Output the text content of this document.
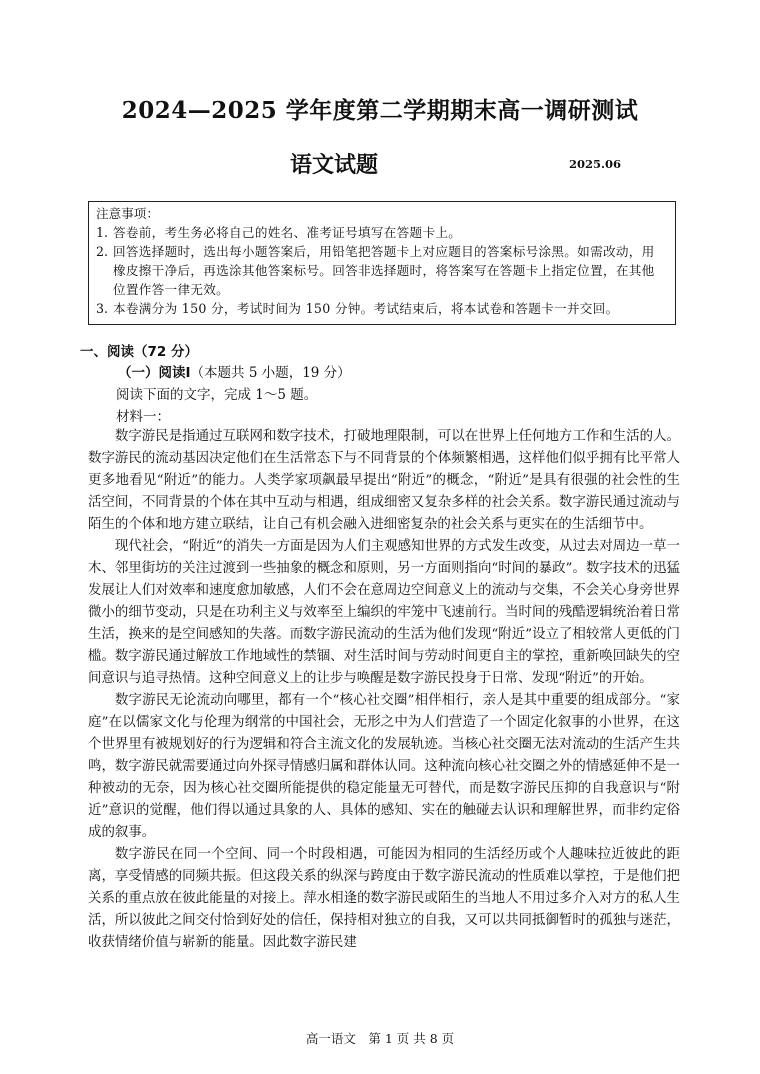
2024—2025 学年度第二学期期末高一调研测试
语文试题	2025.06
注意事项：
1. 答卷前，考生务必将自己的姓名、准考证号填写在答题卡上。
2. 回答选择题时，选出每小题答案后，用铅笔把答题卡上对应题目的答案标号涂黑。如需改动，用橡皮擦干净后，再选涂其他答案标号。回答非选择题时，将答案写在答题卡上指定位置，在其他位置作答一律无效。
3. 本卷满分为 150 分，考试时间为 150 分钟。考试结束后，将本试卷和答题卡一并交回。
一、阅读（72 分）
（一）阅读Ⅰ（本题共 5 小题，19 分）
阅读下面的文字，完成 1～5 题。
材料一：

数字游民是指通过互联网和数字技术，打破地理限制，可以在世界上任何地方工作和生活的人。数字游民的流动基因决定他们在生活常态下与不同背景的个体频繁相遇，这样他们似乎拥有比平常人更多地看见“附近”的能力。人类学家项飙最早提出“附近”的概念，“附近”是具有很强的社会性的生活空间，不同背景的个体在其中互动与相遇，组成细密又复杂多样的社会关系。数字游民通过流动与陌生的个体和地方建立联结，让自己有机会融入进细密复杂的社会关系与更实在的生活细节中。

现代社会，“附近”的消失一方面是因为人们主观感知世界的方式发生改变，从过去对周边一草一木、邻里街坊的关注过渡到一些抽象的概念和原则，另一方面则指向“时间的暴政”。数字技术的迅猛发展让人们对效率和速度愈加敏感，人们不会在意周边空间意义上的流动与交集，不会关心身旁世界微小的细节变动，只是在功利主义与效率至上编织的牢笼中飞速前行。当时间的残酷逻辑统治着日常生活，换来的是空间感知的失落。而数字游民流动的生活为他们发现“附近”设立了相较常人更低的门槛。数字游民通过解放工作地域性的禁锢、对生活时间与劳动时间更自主的掌控，重新唤回缺失的空间意识与追寻热情。这种空间意义上的让步与唤醒是数字游民投身于日常、发现“附近”的开始。

数字游民无论流动向哪里，都有一个“核心社交圈”相伴相行，亲人是其中重要的组成部分。“家庭”在以儒家文化与伦理为纲常的中国社会，无形之中为人们营造了一个固定化叙事的小世界，在这个世界里有被规划好的行为逻辑和符合主流文化的发展轨迹。当核心社交圈无法对流动的生活产生共鸣，数字游民就需要通过向外探寻情感归属和群体认同。这种流向核心社交圈之外的情感延伸不是一种被动的无奈，因为核心社交圈所能提供的稳定能量无可替代，而是数字游民压抑的自我意识与“附近”意识的觉醒，他们得以通过具象的人、具体的感知、实在的触碰去认识和理解世界，而非约定俗成的叙事。

数字游民在同一个空间、同一个时段相遇，可能因为相同的生活经历或个人趣味拉近彼此的距离，享受情感的同频共振。但这段关系的纵深与跨度由于数字游民流动的性质难以掌控，于是他们把关系的重点放在彼此能量的对接上。萍水相逢的数字游民或陌生的当地人不用过多介入对方的私人生活，所以彼此之间交付恰到好处的信任，保持相对独立的自我，又可以共同抵御暂时的孤独与迷茫，收获情绪价值与崭新的能量。因此数字游民建

高一语文　第 1 页 共 8 页
